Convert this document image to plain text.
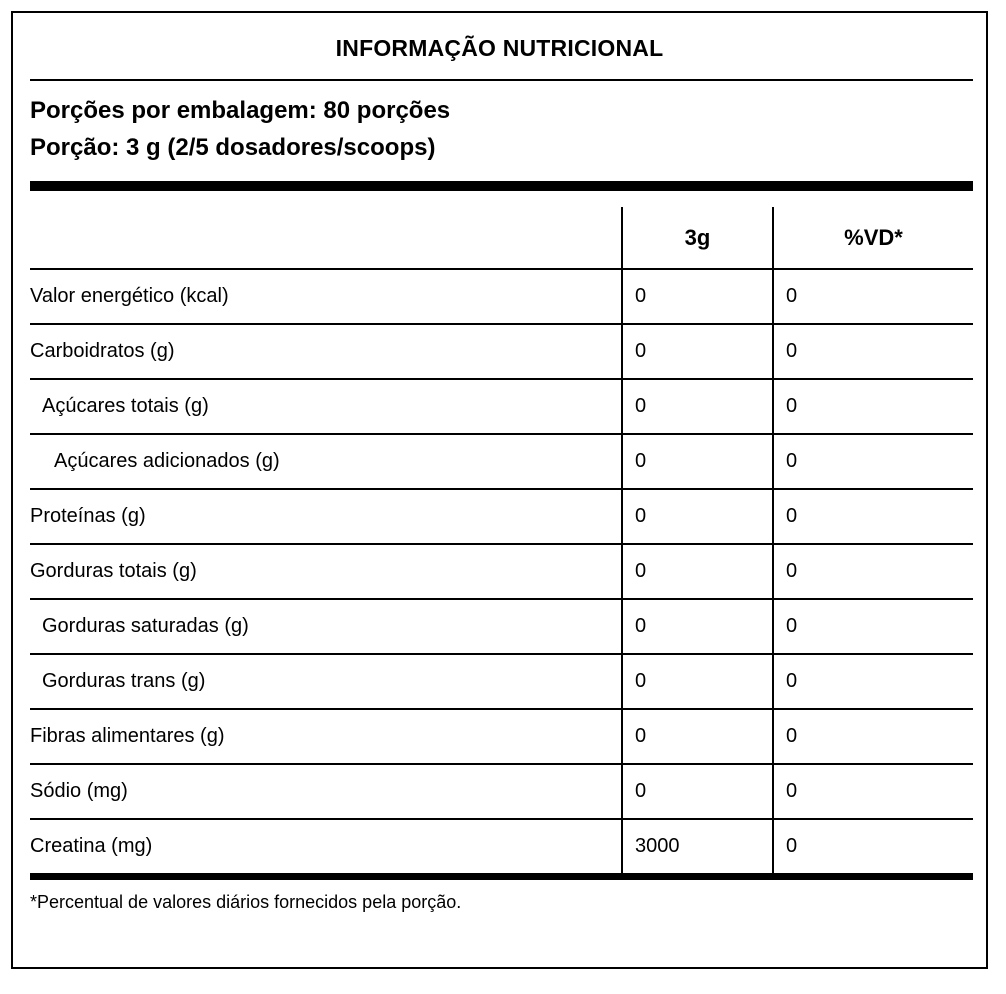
INFORMAÇÃO NUTRICIONAL
Porções por embalagem: 80 porções
Porção: 3 g (2/5 dosadores/scoops)
	3g	%VD*
Valor energético (kcal)	0	0
Carboidratos (g)	0	0
Açúcares totais (g)	0	0
Açúcares adicionados (g)	0	0
Proteínas (g)	0	0
Gorduras totais (g)	0	0
Gorduras saturadas (g)	0	0
Gorduras trans (g)	0	0
Fibras alimentares (g)	0	0
Sódio (mg)	0	0
Creatina (mg)	3000	0
*Percentual de valores diários fornecidos pela porção.
